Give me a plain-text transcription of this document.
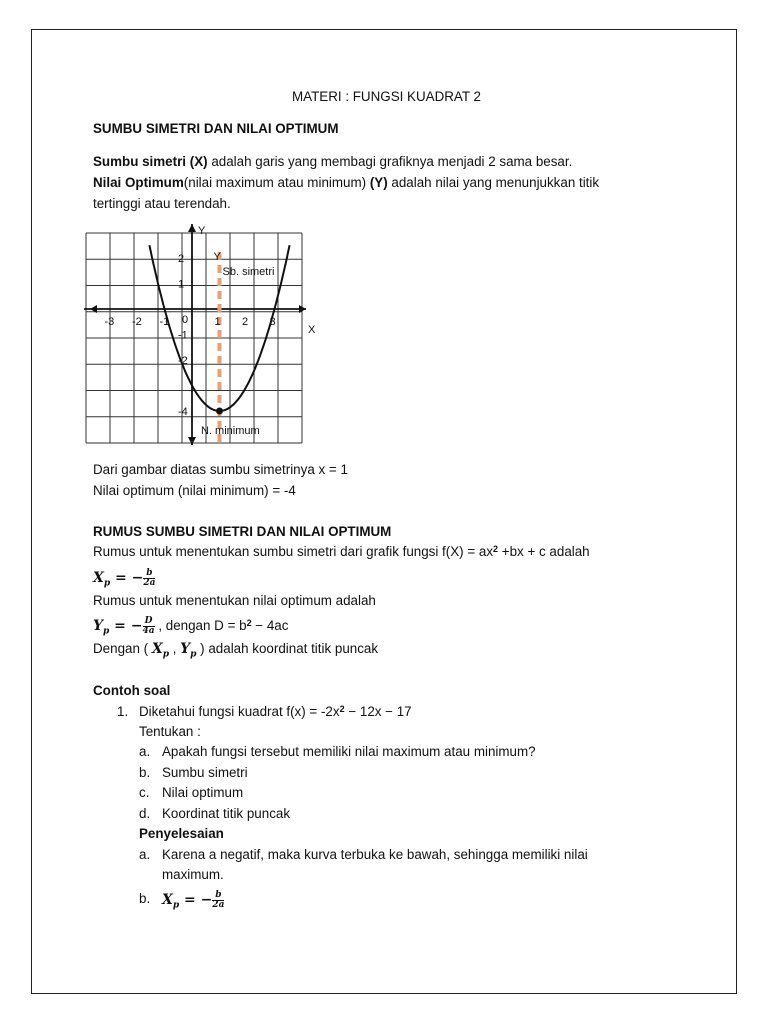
MATERI : FUNGSI KUADRAT 2
SUMBU SIMETRI DAN NILAI OPTIMUM
Sumbu simetri (X) adalah garis yang membagi grafiknya menjadi 2 sama besar.
Nilai Optimum(nilai maximum atau minimum) (Y) adalah nilai yang menunjukkan titik
tertinggi atau terendah.
-3 -2 -1	1 2 3
2
1
-1
-2
-4
Y
Y
X
0
Sb. simetri
N. minimum
Dari gambar diatas sumbu simetrinya x = 1
Nilai optimum (nilai minimum) = -4
RUMUS SUMBU SIMETRI DAN NILAI OPTIMUM
Rumus untuk menentukan sumbu simetri dari grafik fungsi $f(X) = ax^2 +bx + c$ adalah
$X_p$ = − $\frac{b}{2a}$
Rumus untuk menentukan nilai optimum adalah
$Y_p$ = − $\frac{D}{4a}$ , dengan $D = b^2 - 4ac$
Dengan ( $X_p$ , $Y_p$ ) adalah koordinat titik puncak
Contoh soal
1. Diketahui fungsi kuadrat $f(x) = -2x^2 - 12x - 17$
Tentukan :
a. Apakah fungsi tersebut memiliki nilai maximum atau minimum?
b. Sumbu simetri
c. Nilai optimum
d. Koordinat titik puncak
Penyelesaian
a. Karena a negatif, maka kurva terbuka ke bawah, sehingga memiliki nilai
maximum.
b. $X_p$ = − $\frac{b}{2a}$
